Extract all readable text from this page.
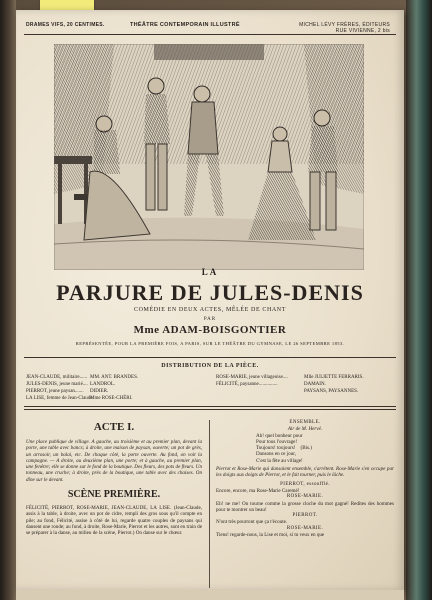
DRAMES VIFS, 20 CENTIMES.	THÉÂTRE CONTEMPORAIN ILLUSTRÉ	MICHEL LÉVY FRÈRES, ÉDITEURS
RUE VIVIENNE, 2 bis
LA
PARJURE DE JULES-DENIS
COMÉDIE EN DEUX ACTES, MÊLÉE DE CHANT
PAR
Mme ADAM-BOISGONTIER
REPRÉSENTÉE, POUR LA PREMIÈRE FOIS, A PARIS, SUR LE THÉÂTRE DU GYMNASE, LE 26 SEPTEMBRE 1853.
DISTRIBUTION DE LA PIÈCE.
JEAN-CLAUDE, militaire...... MM. ANT. BRANDES.
JULES-DENIS, jeune marié.... LANDROL.
PIERROT, jeune paysan....... DIDIER.
LA LISE, femme de Jean-ClaudeMme ROSE-CHÉRI.
ROSE-MARIE, jeune villageoise....	Mlle JULIETTE FERRARIS.
FÉLICITÉ, paysanne...............	DAMAIN.
PAYSANS, PAYSANNES.
ACTE I.
Une place publique de village. A gauche, au troisième et au premier plan, devant la porte, une table avec bancs; à droite, une maison de paysan, ouverte; un pot de grès, un arrosoir, un balai, etc. De chaque côté, la porte ouverte. Au fond, on voit la campagne. — A droite, au deuxième plan, une porte; et à gauche, au premier plan, une fenêtre; elle se donne sur le fond de la boutique. Des fleurs, des pots de fleurs. Un tonneau, une cruche; à droite, près de la boutique, une table avec des chaises. On dîne sur le devant.
SCÈNE PREMIÈRE.
FÉLICITÉ, PIERROT, ROSE-MARIE, JEAN-CLAUDE, LA LISE. (Jean-Claude, assis à la table, à droite, avec un pot de cidre, rempli des gros sous qu'il compte en pile; au fond, Félicité, assise à côté de lui, regarde quatre couples de paysans qui dansent une ronde; au fond, à droite, Rose-Marie, Pierrot et les autres, sont en train de se préparer à la danse, au milieu de la scène, Pierrot.) On danse sur le chœur.
ENSEMBLE.
Air de M. Hervé.
Ah! quel bonheur pour
Pour tous l'ouvrage!
Toujours! toujours! (Bis.)
Dansons en ce jour,
C'est la fête au village!
Pierrot et Rose-Marie qui dansaient ensemble, s'arrêtent. Rose-Marie s'en occupe par les doigts aux doigts de Pierrot, et le fait tourner, puis le lâche.
PIERROT, essoufflé.
Encore, encore, ma Rose-Marie Caremé!
ROSE-MARIE.
Eh! ne me! On tourne comme la grosse cloche du mot gagné! Redites des hommes pour te montrer un beau!
PIERROT.
N'ont très pourront que ça t'écoute.
ROSE-MARIE.
Tiens! regarde-nous, la Lise et moi, si tu veux en que
